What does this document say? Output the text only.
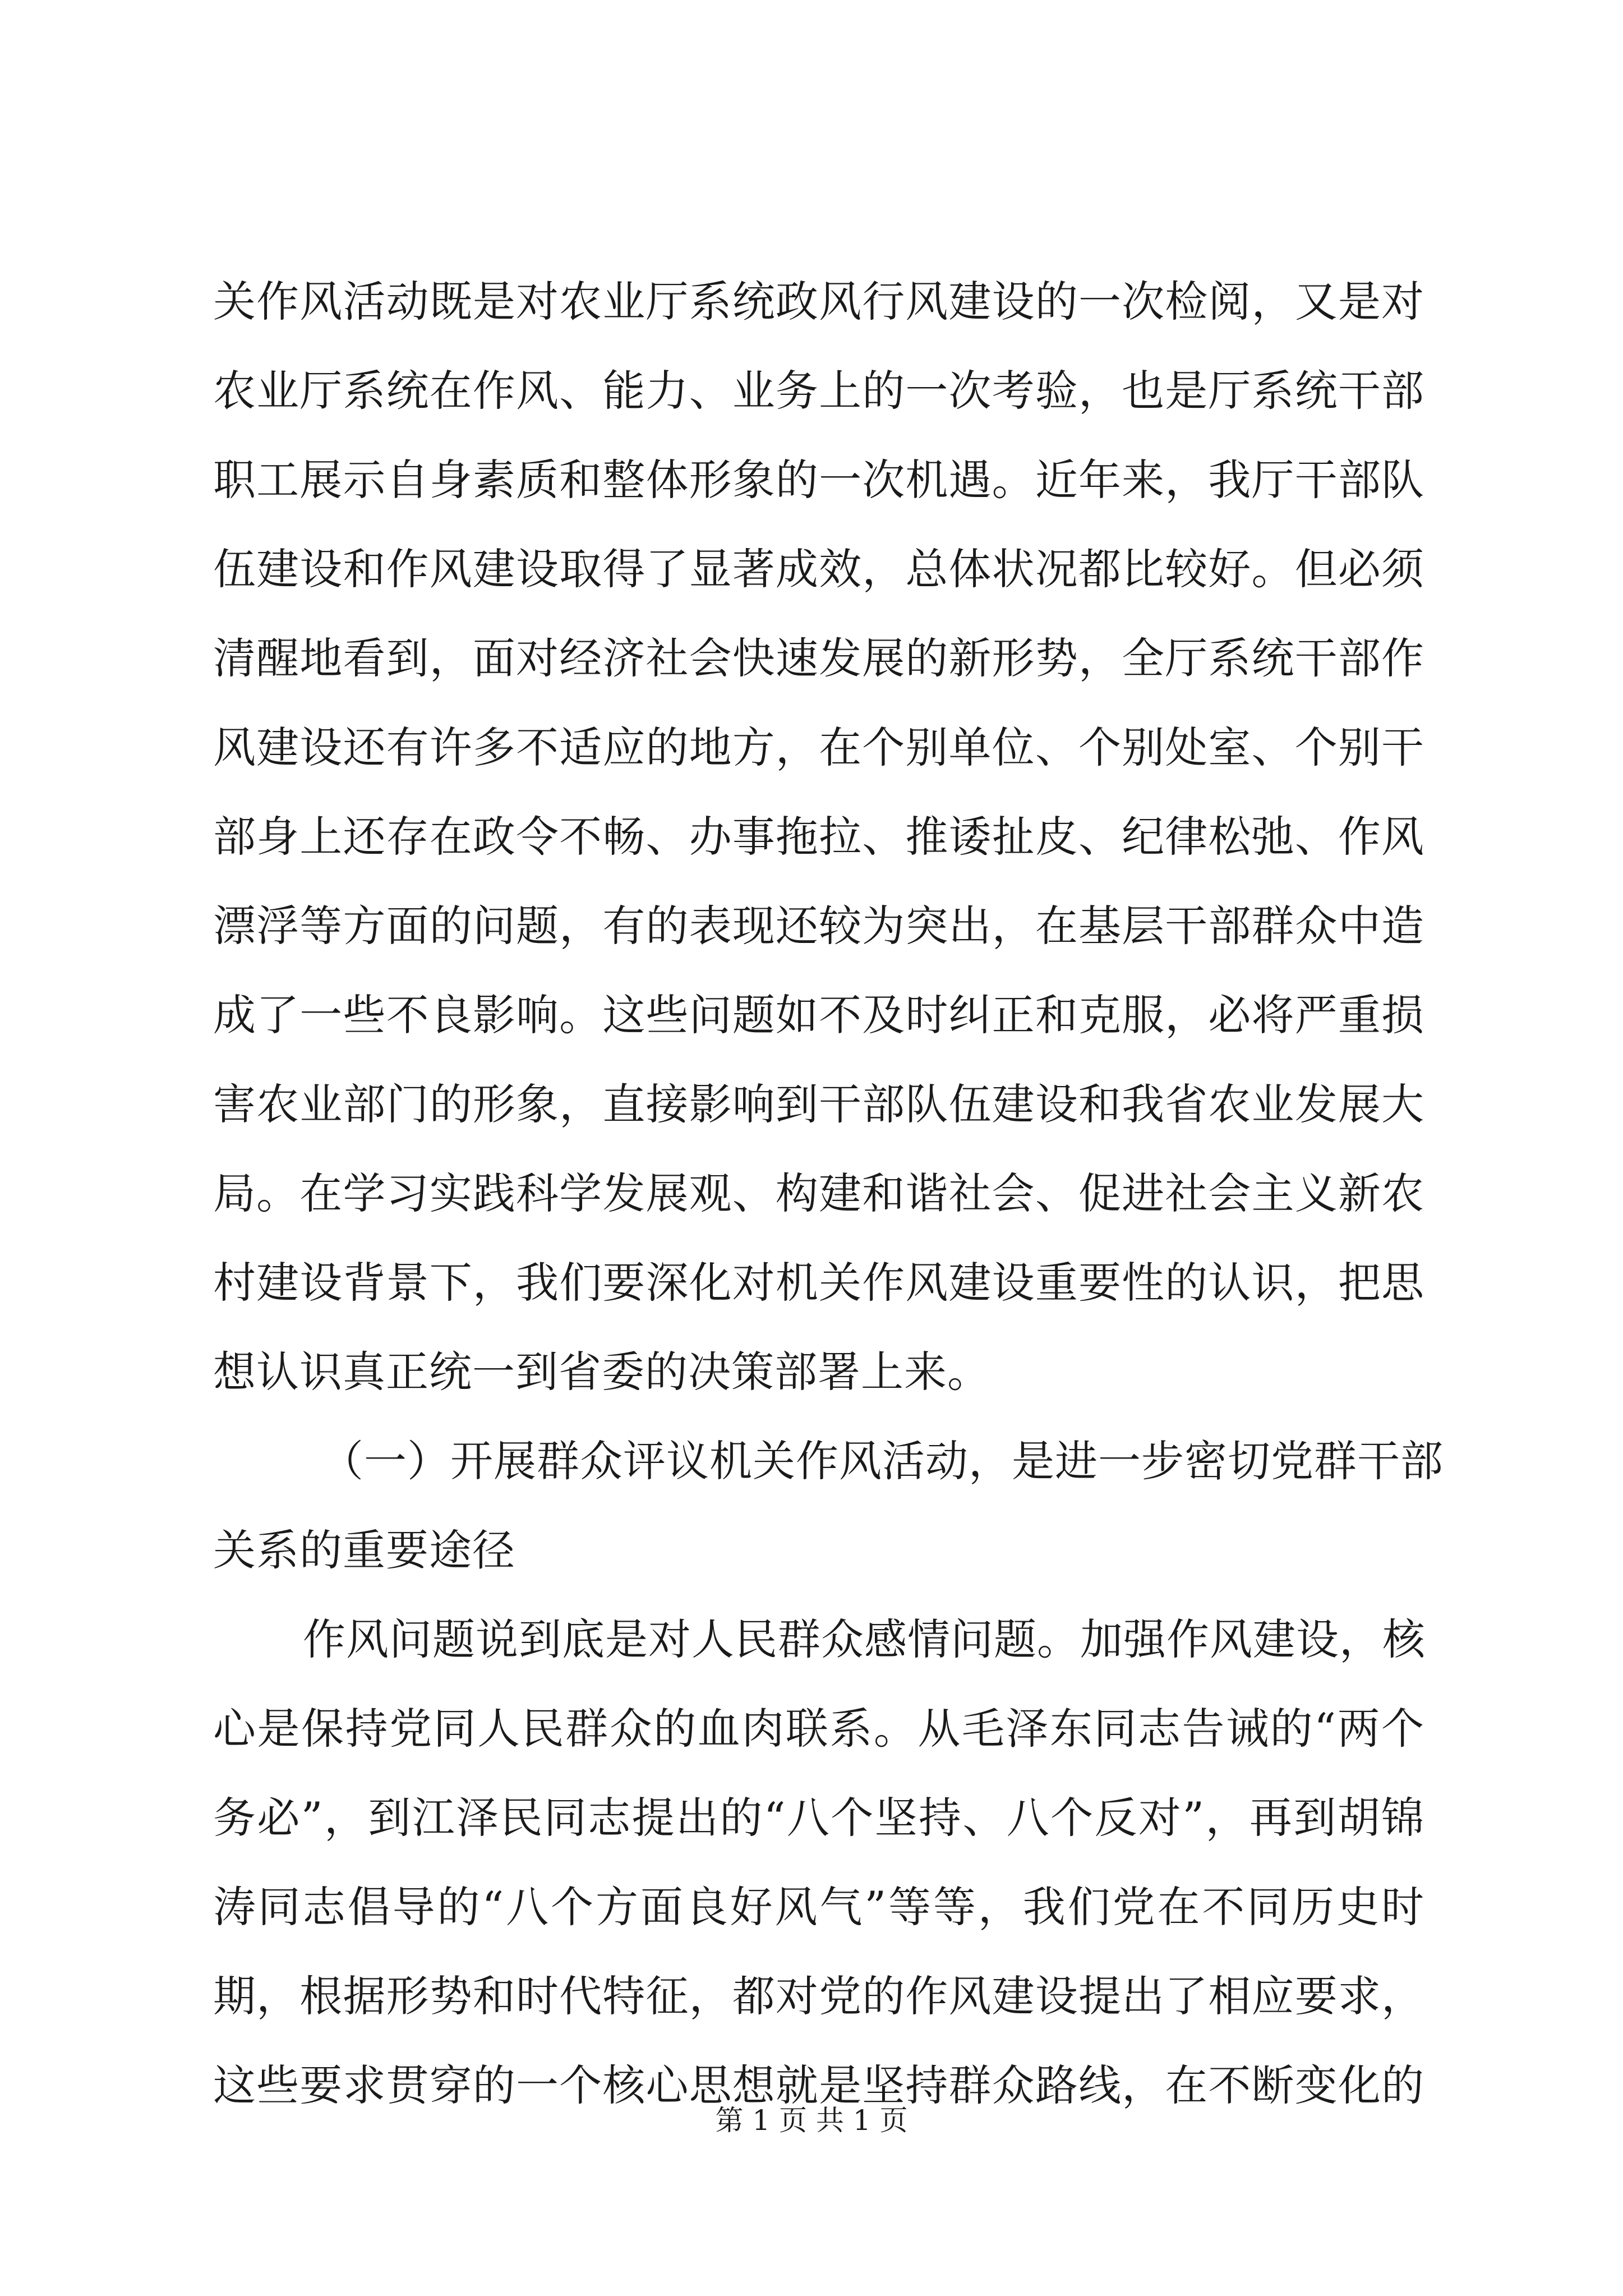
关作风活动既是对农业厅系统政风行风建设的一次检阅，又是对
农业厅系统在作风、能力、业务上的一次考验，也是厅系统干部
职工展示自身素质和整体形象的一次机遇。近年来，我厅干部队
伍建设和作风建设取得了显著成效，总体状况都比较好。但必须
清醒地看到，面对经济社会快速发展的新形势，全厅系统干部作
风建设还有许多不适应的地方，在个别单位、个别处室、个别干
部身上还存在政令不畅、办事拖拉、推诿扯皮、纪律松弛、作风
漂浮等方面的问题，有的表现还较为突出，在基层干部群众中造
成了一些不良影响。这些问题如不及时纠正和克服，必将严重损
害农业部门的形象，直接影响到干部队伍建设和我省农业发展大
局。在学习实践科学发展观、构建和谐社会、促进社会主义新农
村建设背景下，我们要深化对机关作风建设重要性的认识，把思
想认识真正统一到省委的决策部署上来。
（一）开展群众评议机关作风活动，是进一步密切党群干部
关系的重要途径
作风问题说到底是对人民群众感情问题。加强作风建设，核
心是保持党同人民群众的血肉联系。从毛泽东同志告诫的“两个
务必”，到江泽民同志提出的“八个坚持、八个反对”，再到胡锦
涛同志倡导的“八个方面良好风气”等等，我们党在不同历史时
期，根据形势和时代特征，都对党的作风建设提出了相应要求，
这些要求贯穿的一个核心思想就是坚持群众路线，在不断变化的
第 1 页 共 1 页
